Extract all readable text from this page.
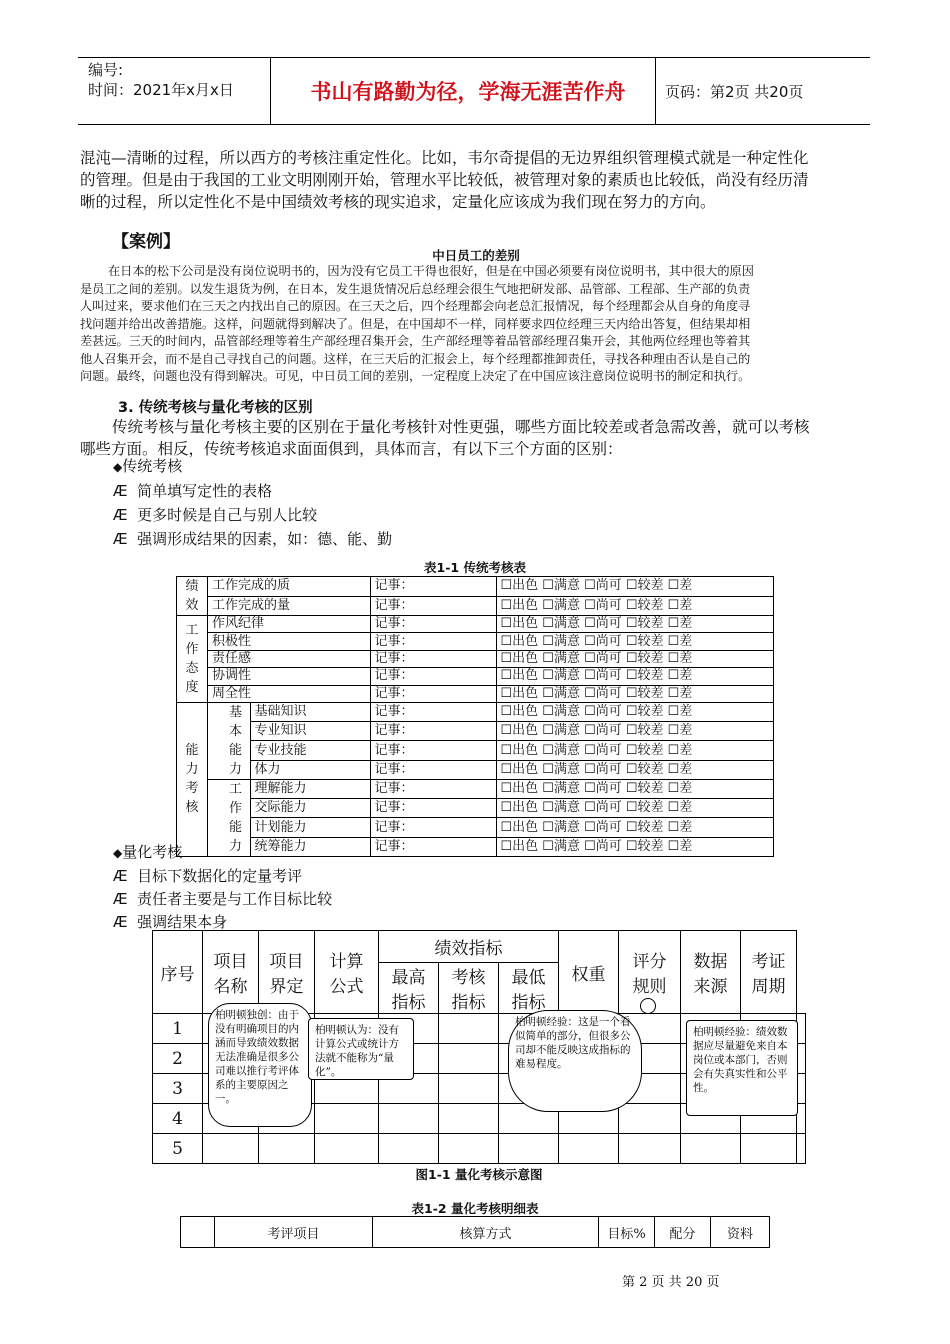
编号:
时间：2021年x月x日	书山有路勤为径，学海无涯苦作舟	页码：第2页 共20页
混沌—清晰的过程，所以西方的考核注重定性化。比如，韦尔奇提倡的无边界组织管理模式就是一种定性化
的管理。但是由于我国的工业文明刚刚开始，管理水平比较低，被管理对象的素质也比较低，尚没有经历清
晰的过程，所以定性化不是中国绩效考核的现实追求，定量化应该成为我们现在努力的方向。
【案例】
中日员工的差别
在日本的松下公司是没有岗位说明书的，因为没有它员工干得也很好，但是在中国必须要有岗位说明书，其中很大的原因
是员工之间的差别。以发生退货为例，在日本，发生退货情况后总经理会很生气地把研发部、品管部、工程部、生产部的负责
人叫过来，要求他们在三天之内找出自己的原因。在三天之后，四个经理都会向老总汇报情况，每个经理都会从自身的角度寻
找问题并给出改善措施。这样，问题就得到解决了。但是，在中国却不一样，同样要求四位经理三天内给出答复，但结果却相
差甚远。三天的时间内，品管部经理等着生产部经理召集开会，生产部经理等着品管部经理召集开会，其他两位经理也等着其
他人召集开会，而不是自己寻找自己的问题。这样，在三天后的汇报会上，每个经理都推卸责任，寻找各种理由否认是自己的
问题。最终，问题也没有得到解决。可见，中日员工间的差别，一定程度上决定了在中国应该注意岗位说明书的制定和执行。
3. 传统考核与量化考核的区别
传统考核与量化考核主要的区别在于量化考核针对性更强，哪些方面比较差或者急需改善，就可以考核
哪些方面。相反，传统考核追求面面俱到，具体而言，有以下三个方面的区别：
◆传统考核
Æ 简单填写定性的表格
Æ 更多时候是自己与别人比较
Æ 强调形成结果的因素，如：德、能、勤
表1-1 传统考核表
绩效	工作完成的质			记事：	☐出色 ☐满意 ☐尚可 ☐较差 ☐差
	工作完成的量			记事：	☐出色 ☐满意 ☐尚可 ☐较差 ☐差
工作态度	作风纪律			记事：	☐出色 ☐满意 ☐尚可 ☐较差 ☐差
	积极性			记事：	☐出色 ☐满意 ☐尚可 ☐较差 ☐差
	责任感			记事：	☐出色 ☐满意 ☐尚可 ☐较差 ☐差
	协调性			记事：	☐出色 ☐满意 ☐尚可 ☐较差 ☐差
	周全性			记事：	☐出色 ☐满意 ☐尚可 ☐较差 ☐差
能力考核		基本能力	基础知识	记事：	☐出色 ☐满意 ☐尚可 ☐较差 ☐差
			专业知识	记事：	☐出色 ☐满意 ☐尚可 ☐较差 ☐差
			专业技能	记事：	☐出色 ☐满意 ☐尚可 ☐较差 ☐差
			体力	记事：	☐出色 ☐满意 ☐尚可 ☐较差 ☐差
		工作能力	理解能力	记事：	☐出色 ☐满意 ☐尚可 ☐较差 ☐差
			交际能力	记事：	☐出色 ☐满意 ☐尚可 ☐较差 ☐差
			计划能力	记事：	☐出色 ☐满意 ☐尚可 ☐较差 ☐差
			统筹能力	记事：	☐出色 ☐满意 ☐尚可 ☐较差 ☐差
◆量化考核
Æ 目标下数据化的定量考评
Æ 责任者主要是与工作目标比较
Æ 强调结果本身
序号	项目名称	项目界定	计算公式	绩效指标			权重	评分规则	数据来源	考证周期	
				最高指标	考核指标	最低指标					
1											
2											
3											
4											
5											
柏明顿独创：由于没有明确项目的内涵而导致绩效数据无法准确是很多公司难以推行考评体系的主要原因之一。
柏明顿认为：没有计算公式或统计方法就不能称为“量化”。
柏明顿经验：这是一个看似简单的部分，但很多公司却不能反映这成指标的难易程度。
柏明顿经验：绩效数据应尽量避免来自本岗位或本部门，否则会有失真实性和公平性。
图1-1 量化考核示意图
表1-2 量化考核明细表
	考评项目	核算方式	目标%	配分	资料
第 2 页 共 20 页
